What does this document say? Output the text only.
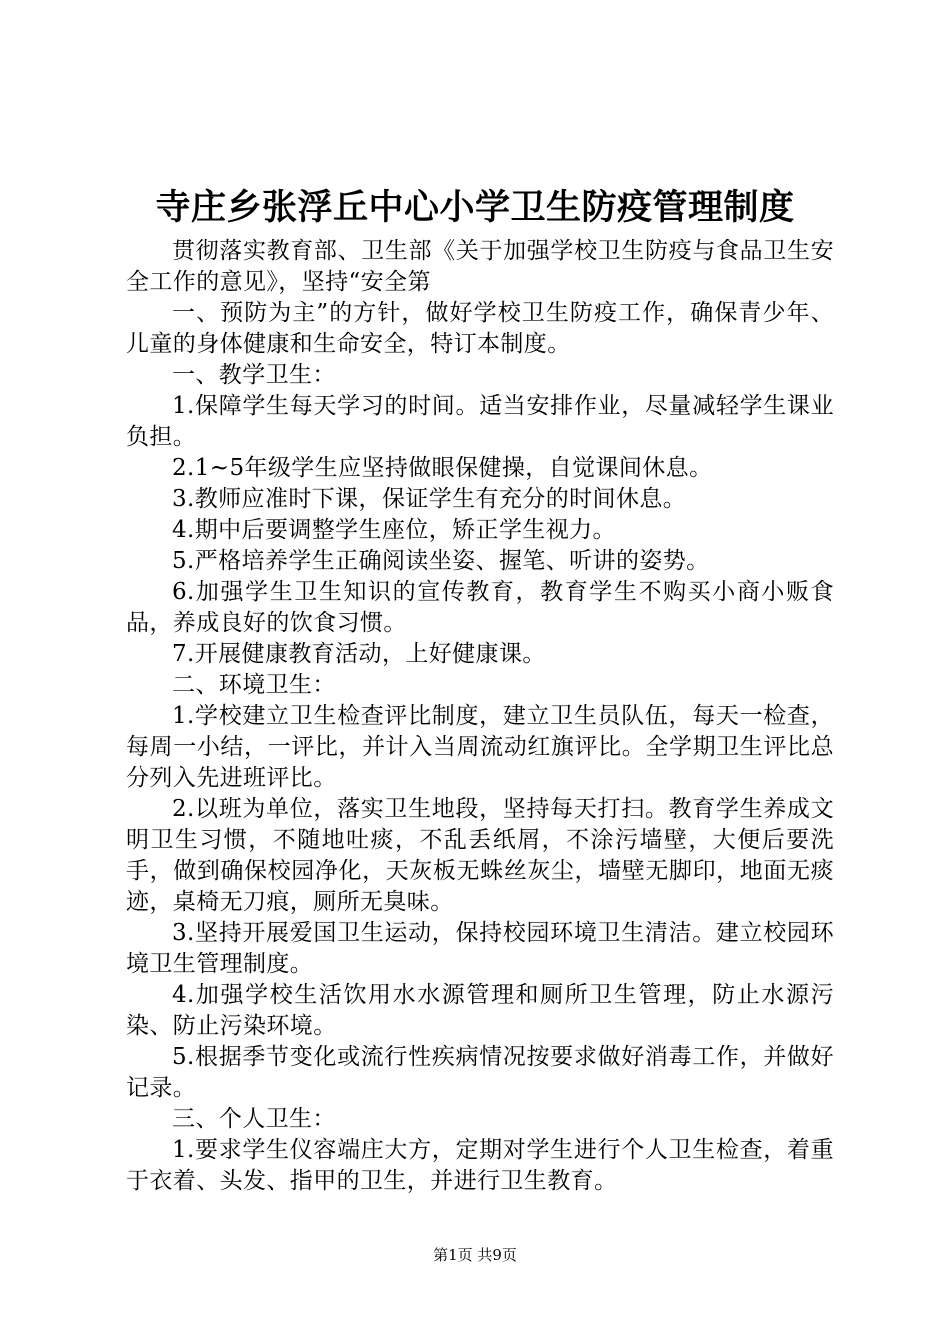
寺庄乡张浮丘中心小学卫生防疫管理制度

贯彻落实教育部、卫生部《关于加强学校卫生防疫与食品卫生安全工作的意见》，坚持“安全第

一、预防为主”的方针，做好学校卫生防疫工作，确保青少年、儿童的身体健康和生命安全，特订本制度。

一、教学卫生：

1.保障学生每天学习的时间。适当安排作业，尽量减轻学生课业负担。

2.1~5年级学生应坚持做眼保健操，自觉课间休息。

3.教师应准时下课，保证学生有充分的时间休息。

4.期中后要调整学生座位，矫正学生视力。

5.严格培养学生正确阅读坐姿、握笔、听讲的姿势。

6.加强学生卫生知识的宣传教育，教育学生不购买小商小贩食品，养成良好的饮食习惯。

7.开展健康教育活动，上好健康课。

二、环境卫生：

1.学校建立卫生检查评比制度，建立卫生员队伍，每天一检查，每周一小结，一评比，并计入当周流动红旗评比。全学期卫生评比总分列入先进班评比。

2.以班为单位，落实卫生地段，坚持每天打扫。教育学生养成文明卫生习惯，不随地吐痰，不乱丢纸屑，不涂污墙壁，大便后要洗手，做到确保校园净化，天灰板无蛛丝灰尘，墙壁无脚印，地面无痰迹，桌椅无刀痕，厕所无臭味。

3.坚持开展爱国卫生运动，保持校园环境卫生清洁。建立校园环境卫生管理制度。

4.加强学校生活饮用水水源管理和厕所卫生管理，防止水源污染、防止污染环境。

5.根据季节变化或流行性疾病情况按要求做好消毒工作，并做好记录。

三、个人卫生：

1.要求学生仪容端庄大方，定期对学生进行个人卫生检查，着重于衣着、头发、指甲的卫生，并进行卫生教育。

第1页 共9页
